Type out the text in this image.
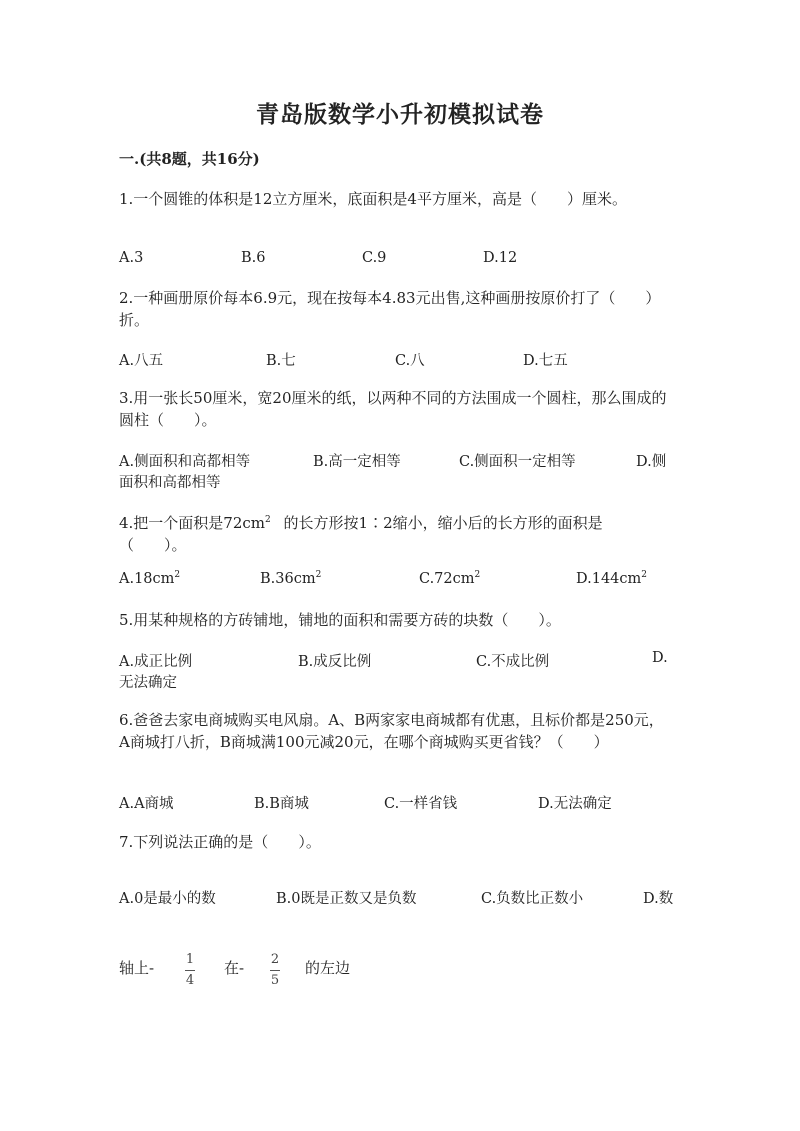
青岛版数学小升初模拟试卷
一.(共8题，共16分)
1.一个圆锥的体积是12立方厘米，底面积是4平方厘米，高是（　　）厘米。
A.3	B.6	C.9	D.12
2.一种画册原价每本6.9元，现在按每本4.83元出售,这种画册按原价打了（　　）折。
A.八五	B.七	C.八	D.七五
3.用一张长50厘米，宽20厘米的纸，以两种不同的方法围成一个圆柱，那么围成的圆柱（　　）。
A.侧面积和高都相等	B.高一定相等	C.侧面积一定相等	D.侧
面积和高都相等
4.把一个面积是$72cm^2$ 的长方形按1∶2缩小，缩小后的长方形的面积是
（　　）。
$A.18cm^2$	$B.36cm^2$	$C.72cm^2$	$D.144cm^2$
5.用某种规格的方砖铺地，铺地的面积和需要方砖的块数（　　）。
A.成正比例	B.成反比例	C.不成比例	D.
无法确定
6.爸爸去家电商城购买电风扇。A、B两家家电商城都有优惠，且标价都是250元，A商城打八折，B商城满100元减20元，在哪个商城购买更省钱？（　　）
A.A商城	B.B商城	C.一样省钱	D.无法确定
7.下列说法正确的是（　　）。
A.0是最小的数	B.0既是正数又是负数	C.负数比正数小	D.数
轴上- 1
4
在- 2
5
的左边
